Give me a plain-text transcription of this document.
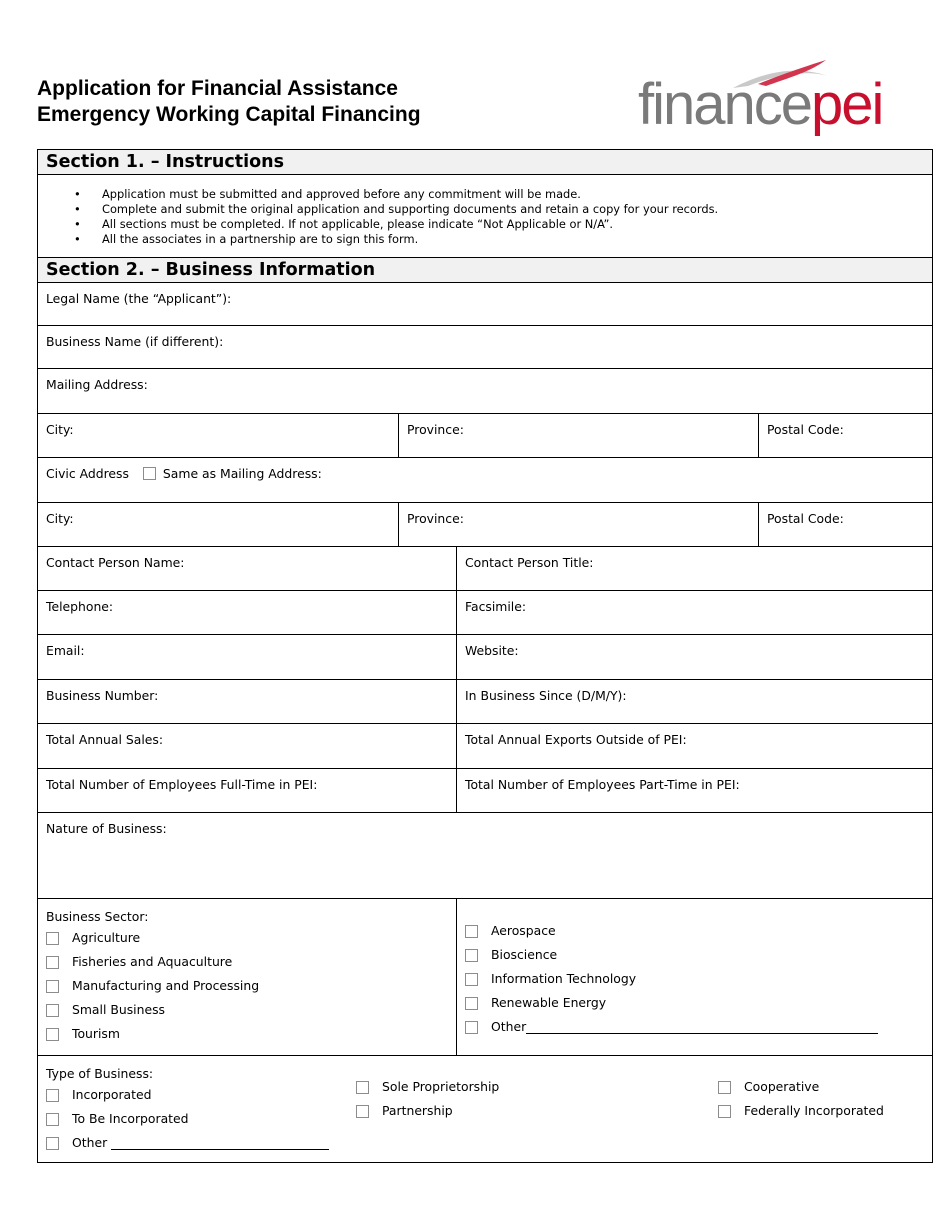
Application for Financial Assistance
Emergency Working Capital Financing	financepei
Section 1. – Instructions
• Application must be submitted and approved before any commitment will be made.
• Complete and submit the original application and supporting documents and retain a copy for your records.
• All sections must be completed. If not applicable, please indicate “Not Applicable or N/A”.
• All the associates in a partnership are to sign this form.
Section 2. – Business Information
Legal Name (the “Applicant”):
Business Name (if different):
Mailing Address:
City:	Province:	Postal Code:
Civic Address	Same as Mailing Address:
City:	Province:	Postal Code:
Contact Person Name:	Contact Person Title:
Telephone:	Facsimile:
Email:	Website:
Business Number:	In Business Since (D/M/Y):
Total Annual Sales:	Total Annual Exports Outside of PEI:
Total Number of Employees Full-Time in PEI:	Total Number of Employees Part-Time in PEI:
Nature of Business:
Business Sector:
Agriculture
Fisheries and Aquaculture
Manufacturing and Processing
Small Business
Tourism
Aerospace
Bioscience
Information Technology
Renewable Energy
Other
Type of Business:
Incorporated
To Be Incorporated
Other
Sole Proprietorship
Partnership
Cooperative
Federally Incorporated
